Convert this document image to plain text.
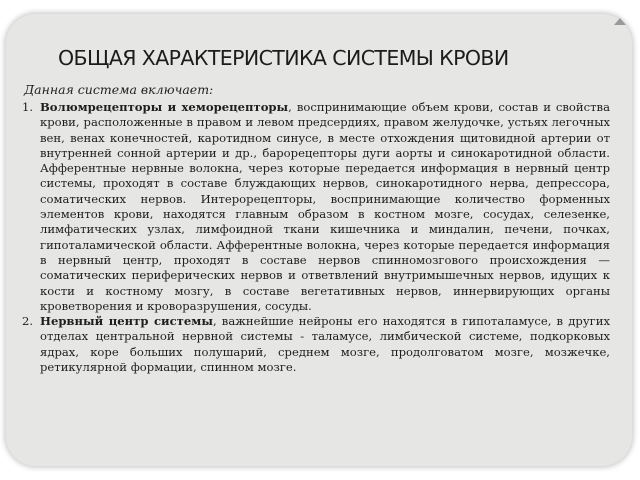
ОБЩАЯ ХАРАКТЕРИСТИКА СИСТЕМЫ КРОВИ
Данная система включает:

1. Волюмрецепторы и хеморецепторы, воспринимающие объем крови, состав и свойства крови, расположенные в правом и левом предсердиях, правом желудочке, устьях легочных вен, венах конечностей, каротидном синусе, в месте отхождения щитовидной артерии от внутренней сонной артерии и др., барорецепторы дуги аорты и синокаротидной области. Афферентные нервные волокна, через которые передается информация в нервный центр системы, проходят в составе блуждающих нервов, синокаротидного нерва, депрессора, соматических нервов. Интерорецепторы, воспринимающие количество форменных элементов крови, находятся главным образом в костном мозге, сосудах, селезенке, лимфатических узлах, лимфоидной ткани кишечника и миндалин, печени, почках, гипоталамической области. Афферентные волокна, через которые передается информация в нервный центр, проходят в составе нервов спинномозгового происхождения — соматических периферических нервов и ответвлений внутримышечных нервов, идущих к кости и костному мозгу, в составе вегетативных нервов, иннервирующих органы кроветворения и кроворазрушения, сосуды.

2. Нервный центр системы, важнейшие нейроны его находятся в гипоталамусе, в других отделах центральной нервной системы - таламусе, лимбической системе, подкорковых ядрах, коре больших полушарий, среднем мозге, продолговатом мозге, мозжечке, ретикулярной формации, спинном мозге.
